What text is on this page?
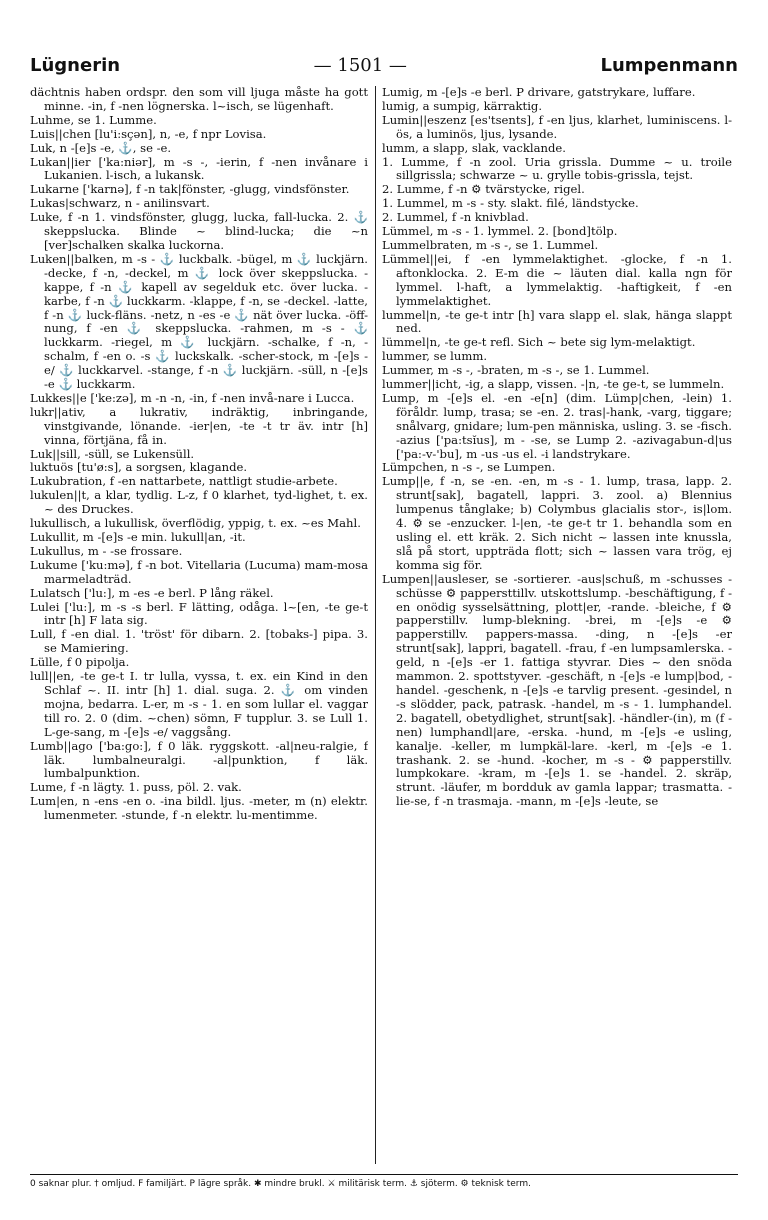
Lügnerin	— 1501 —	Lumpenmann

dächtnis haben ordspr. den som vill ljuga måste ha gott minne. -in, f -nen lögnerska. l~isch, se lügenhaft.

Luhme, se 1. Lumme.

Luis||chen [lu'i:sçən], n, -e, f npr Lovisa.

Luk, n -[e]s -e, ⚓, se -e.

Lukan||ier ['ka:niər], m -s -, -ierin, f -nen invånare i Lukanien. l-isch, a lukansk.

Lukarne ['karnə], f -n tak|fönster, -glugg, vindsfönster.

Lukas|schwarz, n - anilinsvart.

Luke, f -n 1. vindsfönster, glugg, lucka, fall-lucka. 2. ⚓ skeppslucka. Blinde ~ blind-lucka; die ~n [ver]schalken skalka luckorna.

Luken||balken, m -s - ⚓ luckbalk. -bügel, m ⚓ luckjärn. -decke, f -n, -deckel, m ⚓ lock över skeppslucka. -kappe, f -n ⚓ kapell av segelduk etc. över lucka. -karbe, f -n ⚓ luckkarm. -klappe, f -n, se -deckel. -latte, f -n ⚓ luck-fläns. -netz, n -es -e ⚓ nät över lucka. -öff-nung, f -en ⚓ skeppslucka. -rahmen, m -s - ⚓ luckkarm. -riegel, m ⚓ luckjärn. -schalke, f -n, -schalm, f -en o. -s ⚓ luckskalk. -scher-stock, m -[e]s -e/ ⚓ luckkarvel. -stange, f -n ⚓ luckjärn. -süll, n -[e]s -e ⚓ luckkarm.

Lukkes||e ['ke:zə], m -n -n, -in, f -nen invå-nare i Lucca.

lukr||ativ, a lukrativ, indräktig, inbringande, vinstgivande, lönande. -ier|en, -te -t tr äv. intr [h] vinna, förtjäna, få in.

Luk||sill, -süll, se Lukensüll.

luktuös [tu'ø:s], a sorgsen, klagande.

Lukubration, f -en nattarbete, nattligt studie-arbete.

lukulen||t, a klar, tydlig. L-z, f 0 klarhet, tyd-lighet, t. ex. ~ des Druckes.

lukullisch, a lukullisk, överflödig, yppig, t. ex. ~es Mahl.

Lukullit, m -[e]s -e min. lukull|an, -it.

Lukullus, m - -se frossare.

Lukume ['ku:mə], f -n bot. Vitellaria (Lucuma) mam-mosa marmeladträd.

Lulatsch ['lu:], m -es -e berl. P lång räkel.

Lulei ['lu:], m -s -s berl. F lätting, odåga. l~[en, -te ge-t intr [h] F lata sig.

Lull, f -en dial. 1. 'tröst' för dibarn. 2. [tobaks-] pipa. 3. se Mamiering.

Lülle, f 0 pipolja.

lull||en, -te ge-t I. tr lulla, vyssa, t. ex. ein Kind in den Schlaf ~. II. intr [h] 1. dial. suga. 2. ⚓ om vinden mojna, bedarra. L-er, m -s - 1. en som lullar el. vaggar till ro. 2. 0 (dim. ~chen) sömn, F tupplur. 3. se Lull 1. L-ge-sang, m -[e]s -e/ vaggsång.

Lumb||ago ['ba:go:], f 0 läk. ryggskott. -al|neu-ralgie, f läk. lumbalneuralgi. -al|punktion, f läk. lumbalpunktion.

Lume, f -n lägty. 1. puss, pöl. 2. vak.

Lum|en, n -ens -en o. -ina bildl. ljus. -meter, m (n) elektr. lumenmeter. -stunde, f -n elektr. lu-mentimme.

Lumig, m -[e]s -e berl. P drivare, gatstrykare, luffare.

lumig, a sumpig, kärraktig.

Lumin||eszenz [es'tsents], f -en ljus, klarhet, luminiscens. l-ös, a luminös, ljus, lysande.

lumm, a slapp, slak, vacklande.

1. Lumme, f -n zool. Uria grissla. Dumme ~ u. troile sillgrissla; schwarze ~ u. grylle tobis-grissla, tejst.

2. Lumme, f -n ⚙ tvärstycke, rigel.

1. Lummel, m -s - sty. slakt. filé, ländstycke.

2. Lummel, f -n knivblad.

Lümmel, m -s - 1. lymmel. 2. [bond]tölp.

Lummelbraten, m -s -, se 1. Lummel.

Lümmel||ei, f -en lymmelaktighet. -glocke, f -n 1. aftonklocka. 2. E-m die ~ läuten dial. kalla ngn för lymmel. l-haft, a lymmelaktig. -haftigkeit, f -en lymmelaktighet.

lummel|n, -te ge-t intr [h] vara slapp el. slak, hänga slappt ned.

lümmel|n, -te ge-t refl. Sich ~ bete sig lym-melaktigt.

lummer, se lumm.

Lummer, m -s -, -braten, m -s -, se 1. Lummel.

lummer||icht, -ig, a slapp, vissen. -|n, -te ge-t, se lummeln.

Lump, m -[e]s el. -en -e[n] (dim. Lümp|chen, -lein) 1. föråldr. lump, trasa; se -en. 2. tras|-hank, -varg, tiggare; snålvarg, gnidare; lum-pen människa, usling. 3. se -fisch. -azius ['pa:tsĭus], m - -se, se Lump 2. -azivagabun-d|us ['pa:-v-'bu], m -us -us el. -i landstrykare.

Lümpchen, n -s -, se Lumpen.

Lump||e, f -n, se -en. -en, m -s - 1. lump, trasa, lapp. 2. strunt[sak], bagatell, lappri. 3. zool. a) Blennius lumpenus tånglake; b) Colymbus glacialis stor-, is|lom. 4. ⚙ se -enzucker. l-|en, -te ge-t tr 1. behandla som en usling el. ett kräk. 2. Sich nicht ~ lassen inte knussla, slå på stort, uppträda flott; sich ~ lassen vara trög, ej komma sig för.

Lumpen||ausleser, se -sortierer. -aus|schuß, m -schusses -schüsse ⚙ pappersttillv. utskottslump. -beschäftigung, f -en onödig sysselsättning, plott|er, -rande. -bleiche, f ⚙ papperstillv. lump-blekning. -brei, m -[e]s -e ⚙ papperstillv. pappers-massa. -ding, n -[e]s -er strunt[sak], lappri, bagatell. -frau, f -en lumpsamlerska. -geld, n -[e]s -er 1. fattiga styvrar. Dies ~ den snöda mammon. 2. spottstyver. -geschäft, n -[e]s -e lump|bod, -handel. -geschenk, n -[e]s -e tarvlig present. -gesindel, n -s slödder, pack, patrask. -handel, m -s - 1. lumphandel. 2. bagatell, obetydlighet, strunt[sak]. -händler-(in), m (f -nen) lumphandl|are, -erska. -hund, m -[e]s -e usling, kanalje. -keller, m lumpkäl-lare. -kerl, m -[e]s -e 1. trashank. 2. se -hund. -kocher, m -s - ⚙ papperstillv. lumpkokare. -kram, m -[e]s 1. se -handel. 2. skräp, strunt. -läufer, m bordduk av gamla lappar; trasmatta. -lie-se, f -n trasmaja. -mann, m -[e]s -leute, se

0 saknar plur. † omljud. F familjärt. P lägre språk. ✱ mindre brukl. ⚔ militärisk term. ⚓ sjöterm. ⚙ teknisk term.
